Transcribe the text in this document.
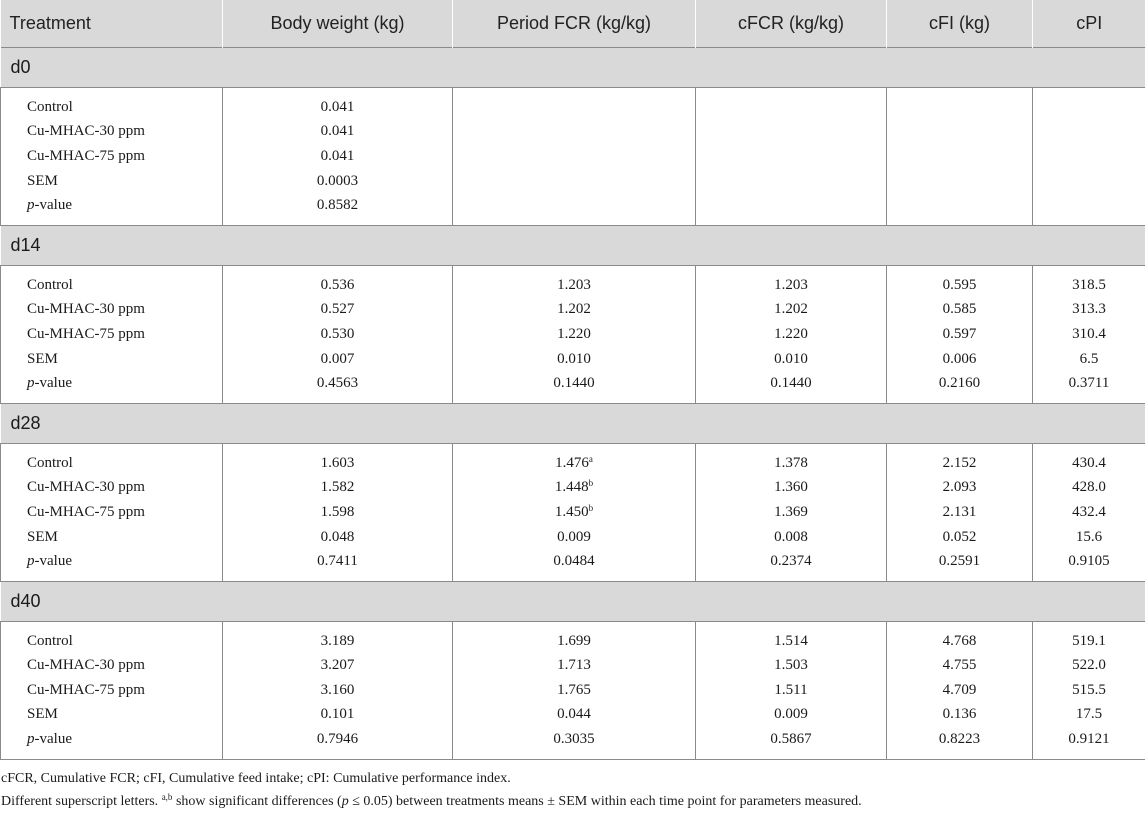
Treatment	Body weight (kg)	Period FCR (kg/kg)	cFCR (kg/kg)	cFI (kg)	cPI
d0					

Control	0.041				
Cu-MHAC-30 ppm	0.041				
Cu-MHAC-75 ppm	0.041				
SEM	0.0003				
p-value	0.8582				

d14					

Control	0.536	1.203	1.203	0.595	318.5
Cu-MHAC-30 ppm	0.527	1.202	1.202	0.585	313.3
Cu-MHAC-75 ppm	0.530	1.220	1.220	0.597	310.4
SEM	0.007	0.010	0.010	0.006	6.5
p-value	0.4563	0.1440	0.1440	0.2160	0.3711

d28					

Control	1.603	1.476$^a$	1.378	2.152	430.4
Cu-MHAC-30 ppm	1.582	1.448$^b$	1.360	2.093	428.0
Cu-MHAC-75 ppm	1.598	1.450$^b$	1.369	2.131	432.4
SEM	0.048	0.009	0.008	0.052	15.6
p-value	0.7411	0.0484	0.2374	0.2591	0.9105

d40					

Control	3.189	1.699	1.514	4.768	519.1
Cu-MHAC-30 ppm	3.207	1.713	1.503	4.755	522.0
Cu-MHAC-75 ppm	3.160	1.765	1.511	4.709	515.5
SEM	0.101	0.044	0.009	0.136	17.5
p-value	0.7946	0.3035	0.5867	0.8223	0.9121

cFCR, Cumulative FCR; cFI, Cumulative feed intake; cPI: Cumulative performance index.
Different superscript letters. $^{a,b}$ show significant differences (p ≤ 0.05) between treatments means ± SEM within each time point for parameters measured.
